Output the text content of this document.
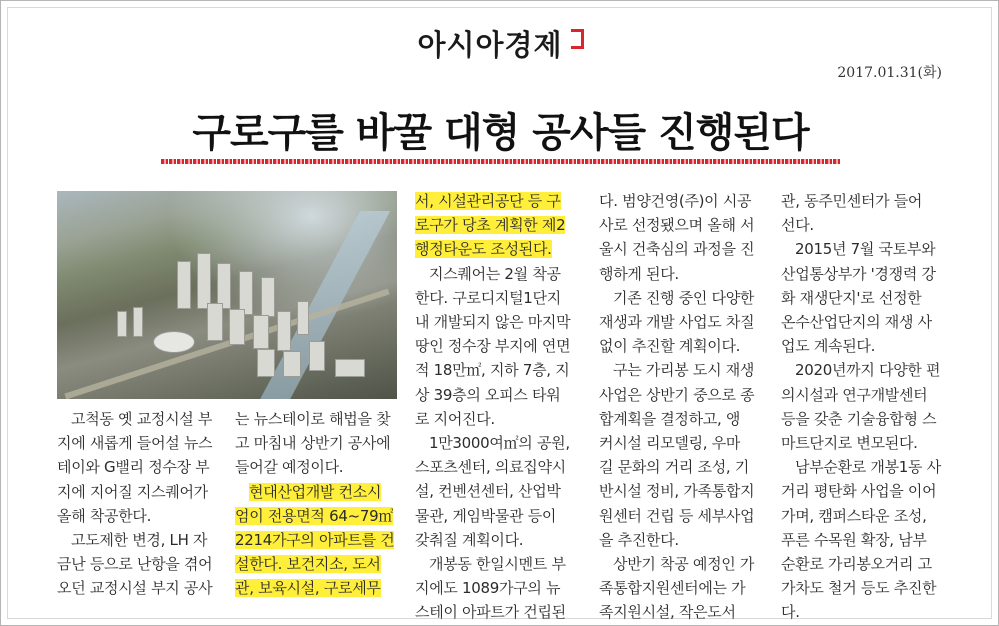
아시아경제
2017.01.31(화)
구로구를 바꿀 대형 공사들 진행된다
고척동 옛 교정시설 부
지에 새롭게 들어설 뉴스
테이와 G밸리 정수장 부
지에 지어질 지스퀘어가
올해 착공한다.
고도제한 변경, LH 자
금난 등으로 난항을 겪어
오던 교정시설 부지 공사
는 뉴스테이로 해법을 찾
고 마침내 상반기 공사에
들어갈 예정이다.
현대산업개발 컨소시
엄이 전용면적 64~79㎡
2214가구의 아파트를 건
설한다. 보건지소, 도서
관, 보육시설, 구로세무
서, 시설관리공단 등 구
로구가 당초 계획한 제2
행정타운도 조성된다.
지스퀘어는 2월 착공
한다. 구로디지털1단지
내 개발되지 않은 마지막
땅인 정수장 부지에 연면
적 18만㎡, 지하 7층, 지
상 39층의 오피스 타워
로 지어진다.
1만3000여㎡의 공원,
스포츠센터, 의료집약시
설, 컨벤션센터, 산업박
물관, 게임박물관 등이
갖춰질 계획이다.
개봉동 한일시멘트 부
지에도 1089가구의 뉴
스테이 아파트가 건립된
다. 범양건영(주)이 시공
사로 선정됐으며 올해 서
울시 건축심의 과정을 진
행하게 된다.
기존 진행 중인 다양한
재생과 개발 사업도 차질
없이 추진할 계획이다.
구는 가리봉 도시 재생
사업은 상반기 중으로 종
합계획을 결정하고, 앵
커시설 리모델링, 우마
길 문화의 거리 조성, 기
반시설 정비, 가족통합지
원센터 건립 등 세부사업
을 추진한다.
상반기 착공 예정인 가
족통합지원센터에는 가
족지원시설, 작은도서
관, 동주민센터가 들어
선다.
2015년 7월 국토부와
산업통상부가 '경쟁력 강
화 재생단지'로 선정한
온수산업단지의 재생 사
업도 계속된다.
2020년까지 다양한 편
의시설과 연구개발센터
등을 갖춘 기술융합형 스
마트단지로 변모된다.
남부순환로 개봉1동 사
거리 평탄화 사업을 이어
가며, 캠퍼스타운 조성,
푸른 수목원 확장, 남부
순환로 가리봉오거리 고
가차도 철거 등도 추진한
다.
